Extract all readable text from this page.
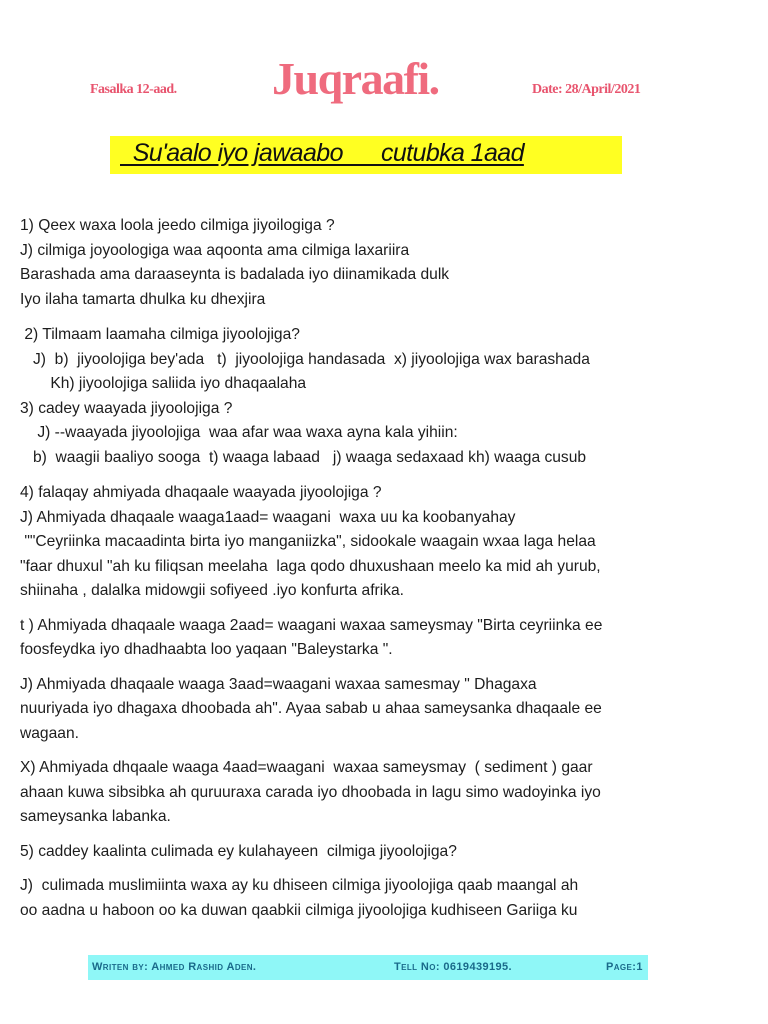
Fasalka 12-aad. Juqraafi.	Date: 28/April/2021
Su'aalo iyo jawaabo      cutubka 1aad

1) Qeex waxa loola jeedo cilmiga jiyoilogiga ?

J) cilmiga joyoologiga waa aqoonta ama cilmiga laxariira

Barashada ama daraaseynta is badalada iyo diinamikada dulk

Iyo ilaha tamarta dhulka ku dhexjira

2) Tilmaam laamaha cilmiga jiyoolojiga?

J)  b)  jiyoolojiga bey'ada   t)  jiyoolojiga handasada  x) jiyoolojiga wax barashada

Kh) jiyoolojiga saliida iyo dhaqaalaha

3) cadey waayada jiyoolojiga ?

J) --waayada jiyoolojiga  waa afar waa waxa ayna kala yihiin:

b)  waagii baaliyo sooga  t) waaga labaad   j) waaga sedaxaad kh) waaga cusub

4) falaqay ahmiyada dhaqaale waayada jiyoolojiga ?

J) Ahmiyada dhaqaale waaga1aad= waagani  waxa uu ka koobanyahay

""Ceyriinka macaadinta birta iyo manganiizka", sidookale waagain wxaa laga helaa

"faar dhuxul "ah ku filiqsan meelaha  laga qodo dhuxushaan meelo ka mid ah yurub,

shiinaha , dalalka midowgii sofiyeed .iyo konfurta afrika.

t ) Ahmiyada dhaqaale waaga 2aad= waagani waxaa sameysmay "Birta ceyriinka ee

foosfeydka iyo dhadhaabta loo yaqaan "Baleystarka ".

J) Ahmiyada dhaqaale waaga 3aad=waagani waxaa samesmay " Dhagaxa

nuuriyada iyo dhagaxa dhoobada ah". Ayaa sabab u ahaa sameysanka dhaqaale ee

wagaan.

X) Ahmiyada dhqaale waaga 4aad=waagani  waxaa sameysmay  ( sediment ) gaar

ahaan kuwa sibsibka ah quruuraxa carada iyo dhoobada in lagu simo wadoyinka iyo

sameysanka labanka.

5) caddey kaalinta culimada ey kulahayeen  cilmiga jiyoolojiga?

J)  culimada muslimiinta waxa ay ku dhiseen cilmiga jiyoolojiga qaab maangal ah

oo aadna u haboon oo ka duwan qaabkii cilmiga jiyoolojiga kudhiseen Gariiga ku

Writen by: Ahmed Rashid Aden.	Tell No: 0619439195.	Page:1
